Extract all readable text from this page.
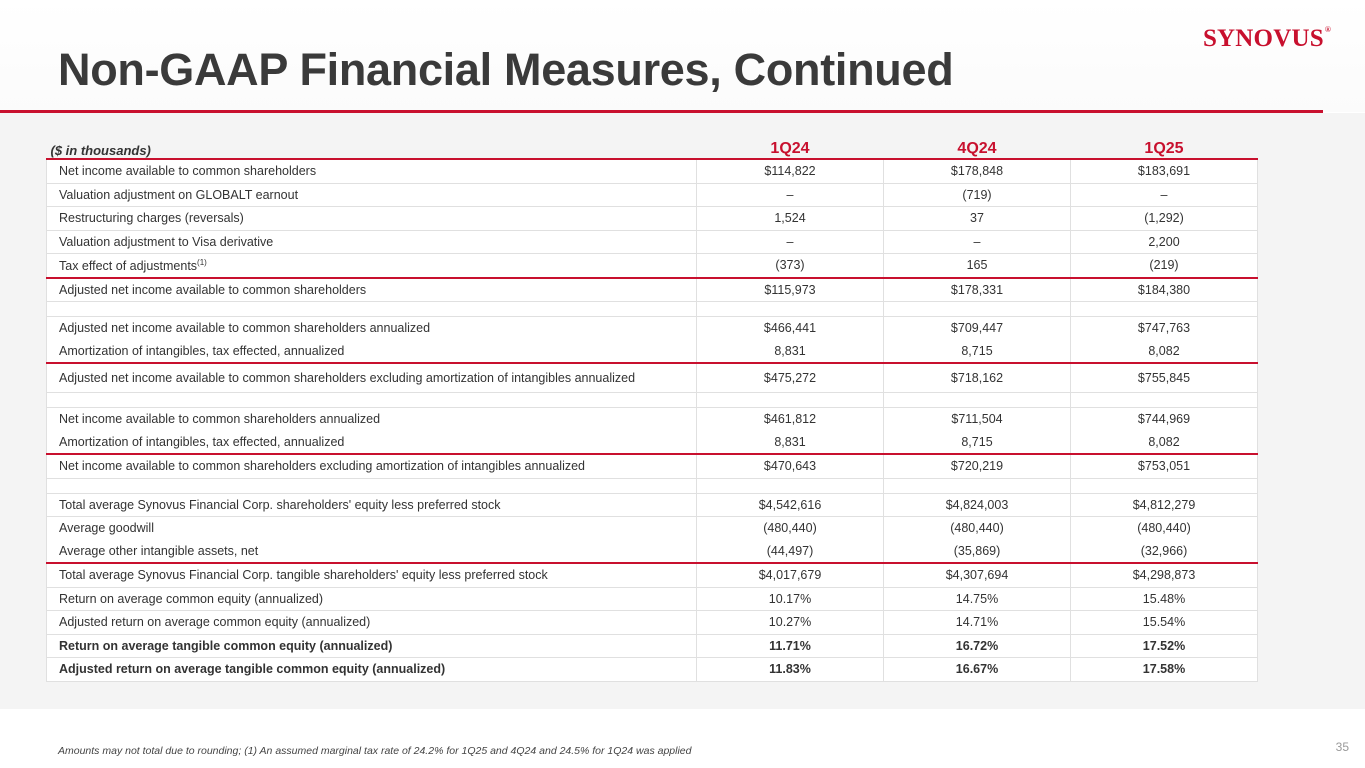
Non-GAAP Financial Measures, Continued
SYNOVUS®
($ in thousands)	1Q24	4Q24	1Q25
Net income available to common shareholders	$114,822	$178,848	$183,691
Valuation adjustment on GLOBALT earnout	–	(719)	–
Restructuring charges (reversals)	1,524	37	(1,292)
Valuation adjustment to Visa derivative	–	–	2,200
Tax effect of adjustments$^{(1)}$	(373)	165	(219)
Adjusted net income available to common shareholders	$115,973	$178,331	$184,380

Adjusted net income available to common shareholders annualized	$466,441	$709,447	$747,763
Amortization of intangibles, tax effected, annualized	8,831	8,715	8,082
Adjusted net income available to common shareholders excluding amortization of intangibles annualized	$475,272	$718,162	$755,845

Net income available to common shareholders annualized	$461,812	$711,504	$744,969
Amortization of intangibles, tax effected, annualized	8,831	8,715	8,082
Net income available to common shareholders excluding amortization of intangibles annualized	$470,643	$720,219	$753,051

Total average Synovus Financial Corp. shareholders' equity less preferred stock	$4,542,616	$4,824,003	$4,812,279
Average goodwill	(480,440)	(480,440)	(480,440)
Average other intangible assets, net	(44,497)	(35,869)	(32,966)
Total average Synovus Financial Corp. tangible shareholders' equity less preferred stock	$4,017,679	$4,307,694	$4,298,873
Return on average common equity (annualized)	10.17%	14.75%	15.48%
Adjusted return on average common equity (annualized)	10.27%	14.71%	15.54%
Return on average tangible common equity (annualized)	11.71%	16.72%	17.52%
Adjusted return on average tangible common equity (annualized)	11.83%	16.67%	17.58%
Amounts may not total due to rounding; (1) An assumed marginal tax rate of 24.2% for 1Q25 and 4Q24 and 24.5% for 1Q24 was applied	35
